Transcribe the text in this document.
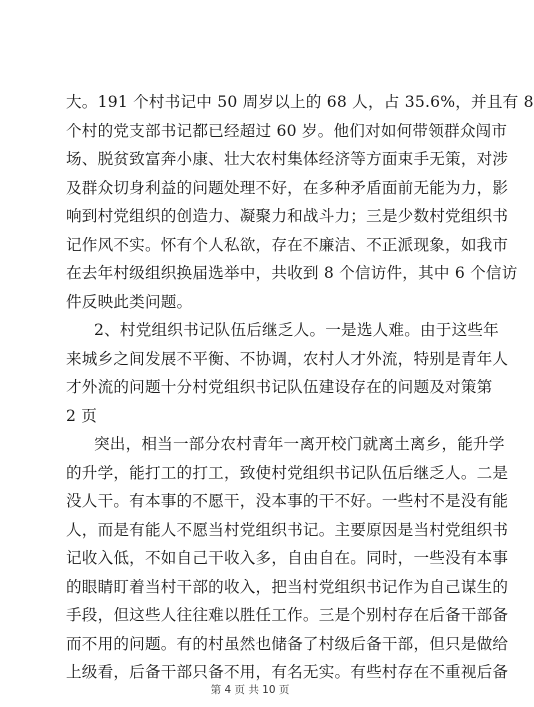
大。191 个村书记中 50 周岁以上的 68 人，占 35.6%，并且有 8
个村的党支部书记都已经超过 60 岁。他们对如何带领群众闯市
场、脱贫致富奔小康、壮大农村集体经济等方面束手无策，对涉
及群众切身利益的问题处理不好，在多种矛盾面前无能为力，影
响到村党组织的创造力、凝聚力和战斗力；三是少数村党组织书
记作风不实。怀有个人私欲，存在不廉洁、不正派现象，如我市
在去年村级组织换届选举中，共收到 8 个信访件，其中 6 个信访
件反映此类问题。
2、村党组织书记队伍后继乏人。一是选人难。由于这些年
来城乡之间发展不平衡、不协调，农村人才外流，特别是青年人
才外流的问题十分村党组织书记队伍建设存在的问题及对策第
2 页
突出，相当一部分农村青年一离开校门就离土离乡，能升学
的升学，能打工的打工，致使村党组织书记队伍后继乏人。二是
没人干。有本事的不愿干，没本事的干不好。一些村不是没有能
人，而是有能人不愿当村党组织书记。主要原因是当村党组织书
记收入低，不如自己干收入多，自由自在。同时，一些没有本事
的眼睛盯着当村干部的收入，把当村党组织书记作为自己谋生的
手段，但这些人往往难以胜任工作。三是个别村存在后备干部备
而不用的问题。有的村虽然也储备了村级后备干部，但只是做给
上级看，后备干部只备不用，有名无实。有些村存在不重视后备
第 4 页 共 10 页
